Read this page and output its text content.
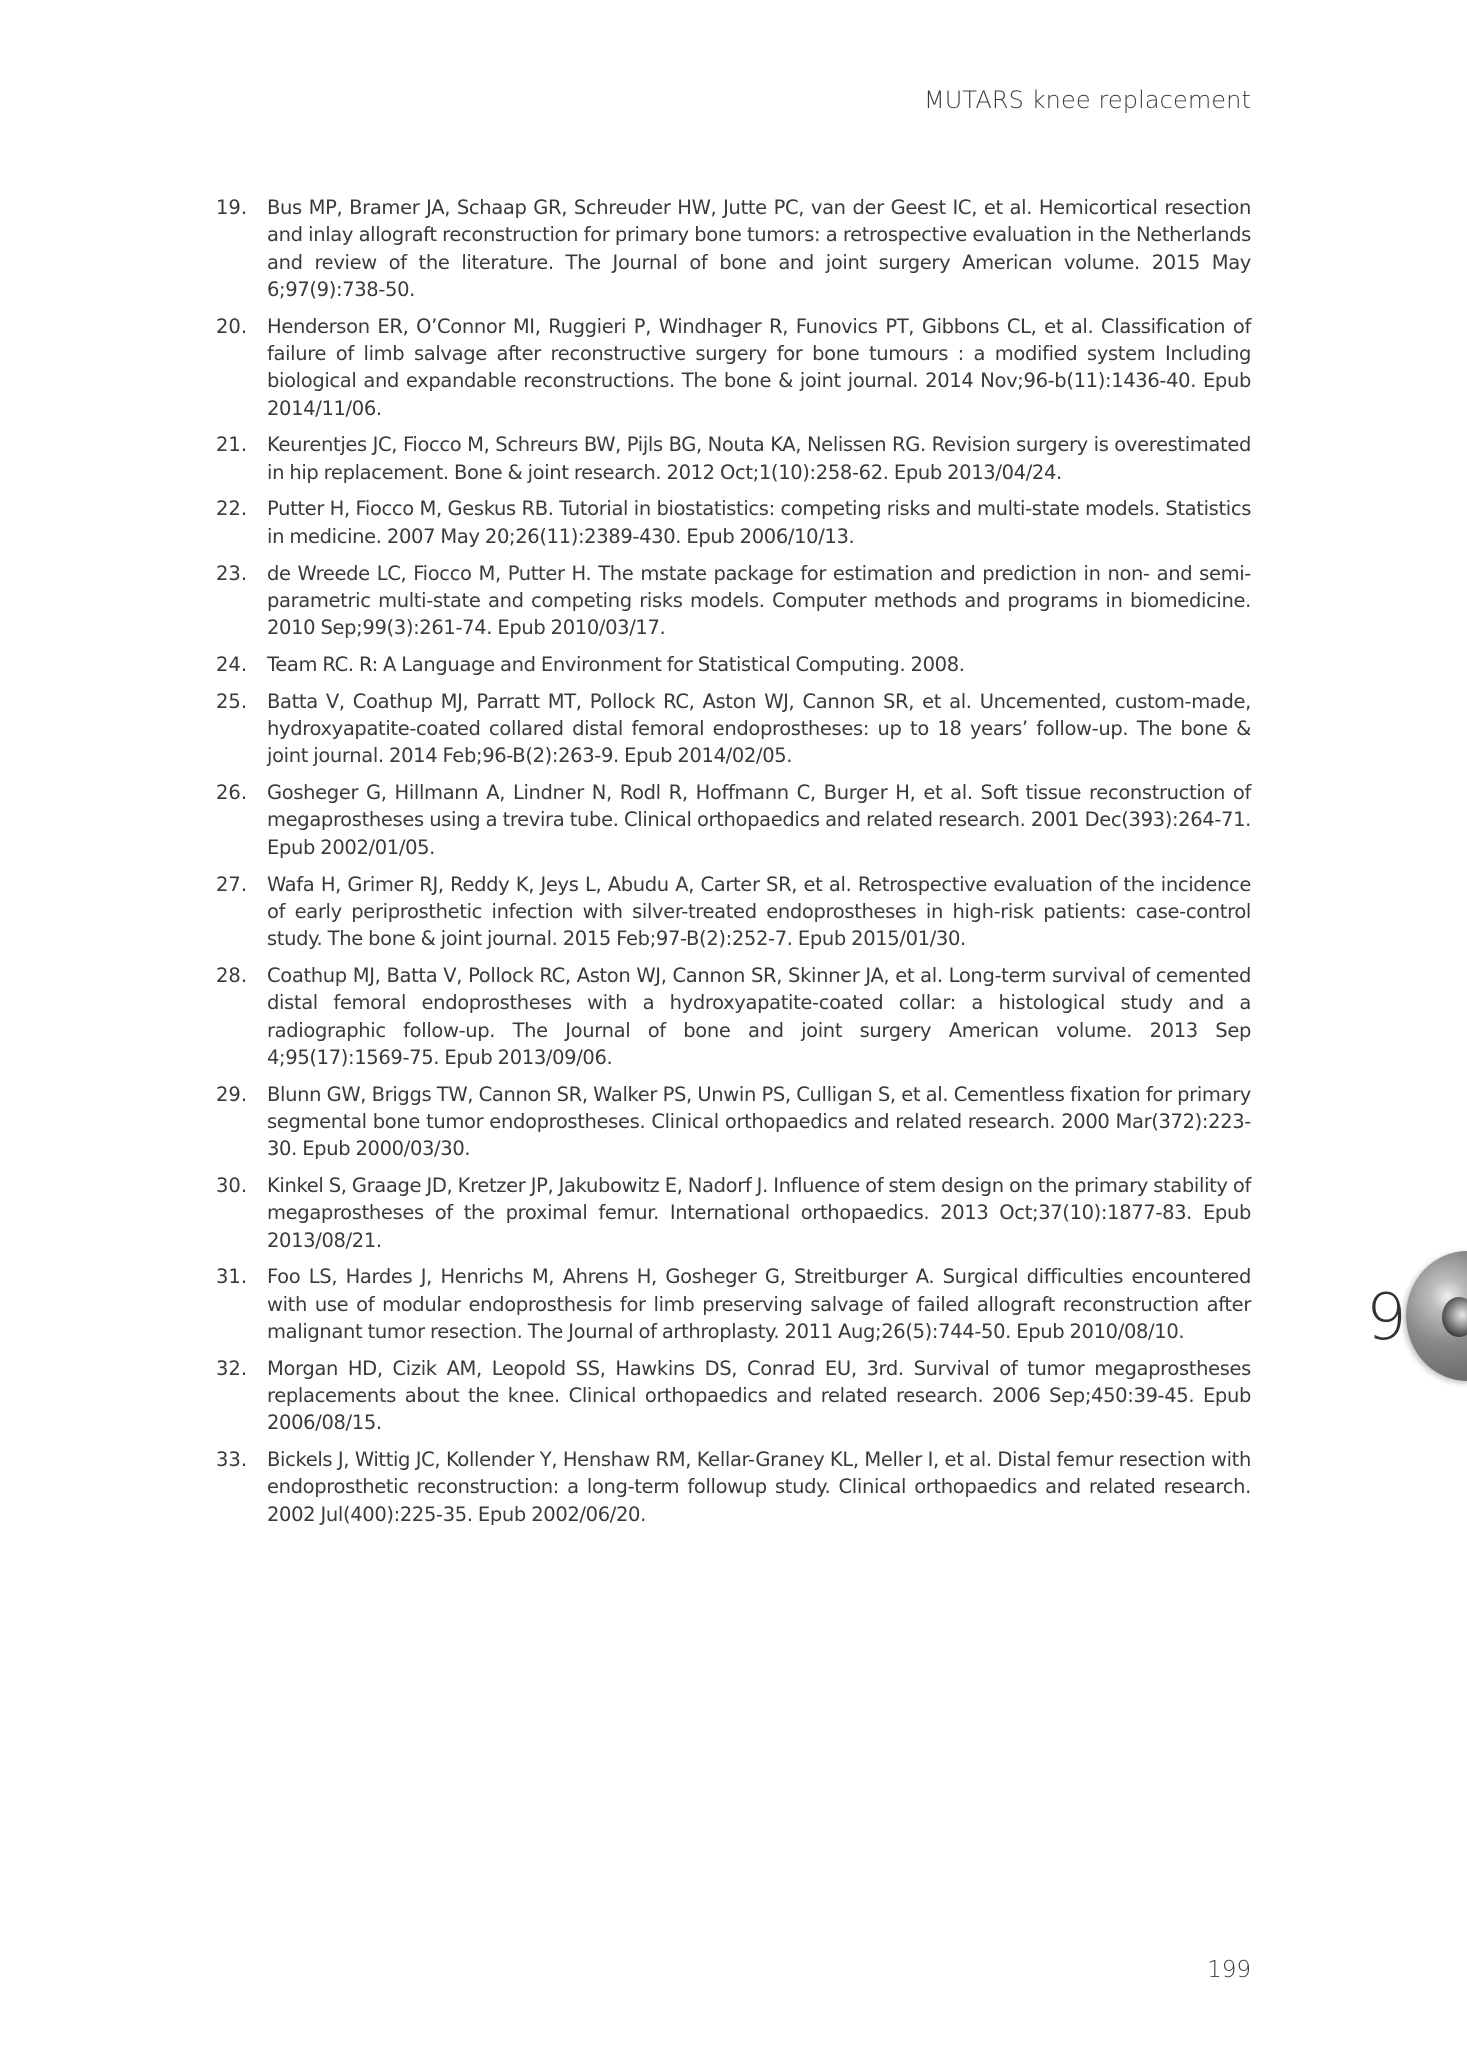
MUTARS knee replacement
19. Bus MP, Bramer JA, Schaap GR, Schreuder HW, Jutte PC, van der Geest IC, et al. Hemicortical resection and inlay allograft reconstruction for primary bone tumors: a retrospective evaluation in the Netherlands and review of the literature. The Journal of bone and joint surgery American volume. 2015 May 6;97(9):738-50.
20. Henderson ER, O’Connor MI, Ruggieri P, Windhager R, Funovics PT, Gibbons CL, et al. Classification of failure of limb salvage after reconstructive surgery for bone tumours : a modified system Including biological and expandable reconstructions. The bone & joint journal. 2014 Nov;96-b(11):1436-40. Epub 2014/11/06.
21. Keurentjes JC, Fiocco M, Schreurs BW, Pijls BG, Nouta KA, Nelissen RG. Revision surgery is overestimated in hip replacement. Bone & joint research. 2012 Oct;1(10):258-62. Epub 2013/04/24.
22. Putter H, Fiocco M, Geskus RB. Tutorial in biostatistics: competing risks and multi-state models. Statistics in medicine. 2007 May 20;26(11):2389-430. Epub 2006/10/13.
23. de Wreede LC, Fiocco M, Putter H. The mstate package for estimation and prediction in non- and semi-parametric multi-state and competing risks models. Computer methods and programs in biomedicine. 2010 Sep;99(3):261-74. Epub 2010/03/17.
24. Team RC. R: A Language and Environment for Statistical Computing. 2008.
25. Batta V, Coathup MJ, Parratt MT, Pollock RC, Aston WJ, Cannon SR, et al. Uncemented, custom-made, hydroxyapatite-coated collared distal femoral endoprostheses: up to 18 years’ follow-up. The bone & joint journal. 2014 Feb;96-B(2):263-9. Epub 2014/02/05.
26. Gosheger G, Hillmann A, Lindner N, Rodl R, Hoffmann C, Burger H, et al. Soft tissue reconstruction of megaprostheses using a trevira tube. Clinical orthopaedics and related research. 2001 Dec(393):264-71. Epub 2002/01/05.
27. Wafa H, Grimer RJ, Reddy K, Jeys L, Abudu A, Carter SR, et al. Retrospective evaluation of the incidence of early periprosthetic infection with silver-treated endoprostheses in high-risk patients: case-control study. The bone & joint journal. 2015 Feb;97-B(2):252-7. Epub 2015/01/30.
28. Coathup MJ, Batta V, Pollock RC, Aston WJ, Cannon SR, Skinner JA, et al. Long-term survival of cemented distal femoral endoprostheses with a hydroxyapatite-coated collar: a histological study and a radiographic follow-up. The Journal of bone and joint surgery American volume. 2013 Sep 4;95(17):1569-75. Epub 2013/09/06.
29. Blunn GW, Briggs TW, Cannon SR, Walker PS, Unwin PS, Culligan S, et al. Cementless fixation for primary segmental bone tumor endoprostheses. Clinical orthopaedics and related research. 2000 Mar(372):223-30. Epub 2000/03/30.
30. Kinkel S, Graage JD, Kretzer JP, Jakubowitz E, Nadorf J. Influence of stem design on the primary stability of megaprostheses of the proximal femur. International orthopaedics. 2013 Oct;37(10):1877-83. Epub 2013/08/21.
31. Foo LS, Hardes J, Henrichs M, Ahrens H, Gosheger G, Streitburger A. Surgical difficulties encountered with use of modular endoprosthesis for limb preserving salvage of failed allograft reconstruction after malignant tumor resection. The Journal of arthroplasty. 2011 Aug;26(5):744-50. Epub 2010/08/10.
32. Morgan HD, Cizik AM, Leopold SS, Hawkins DS, Conrad EU, 3rd. Survival of tumor megaprostheses replacements about the knee. Clinical orthopaedics and related research. 2006 Sep;450:39-45. Epub 2006/08/15.
33. Bickels J, Wittig JC, Kollender Y, Henshaw RM, Kellar-Graney KL, Meller I, et al. Distal femur resection with endoprosthetic reconstruction: a long-term followup study. Clinical orthopaedics and related research. 2002 Jul(400):225-35. Epub 2002/06/20.
9
199
